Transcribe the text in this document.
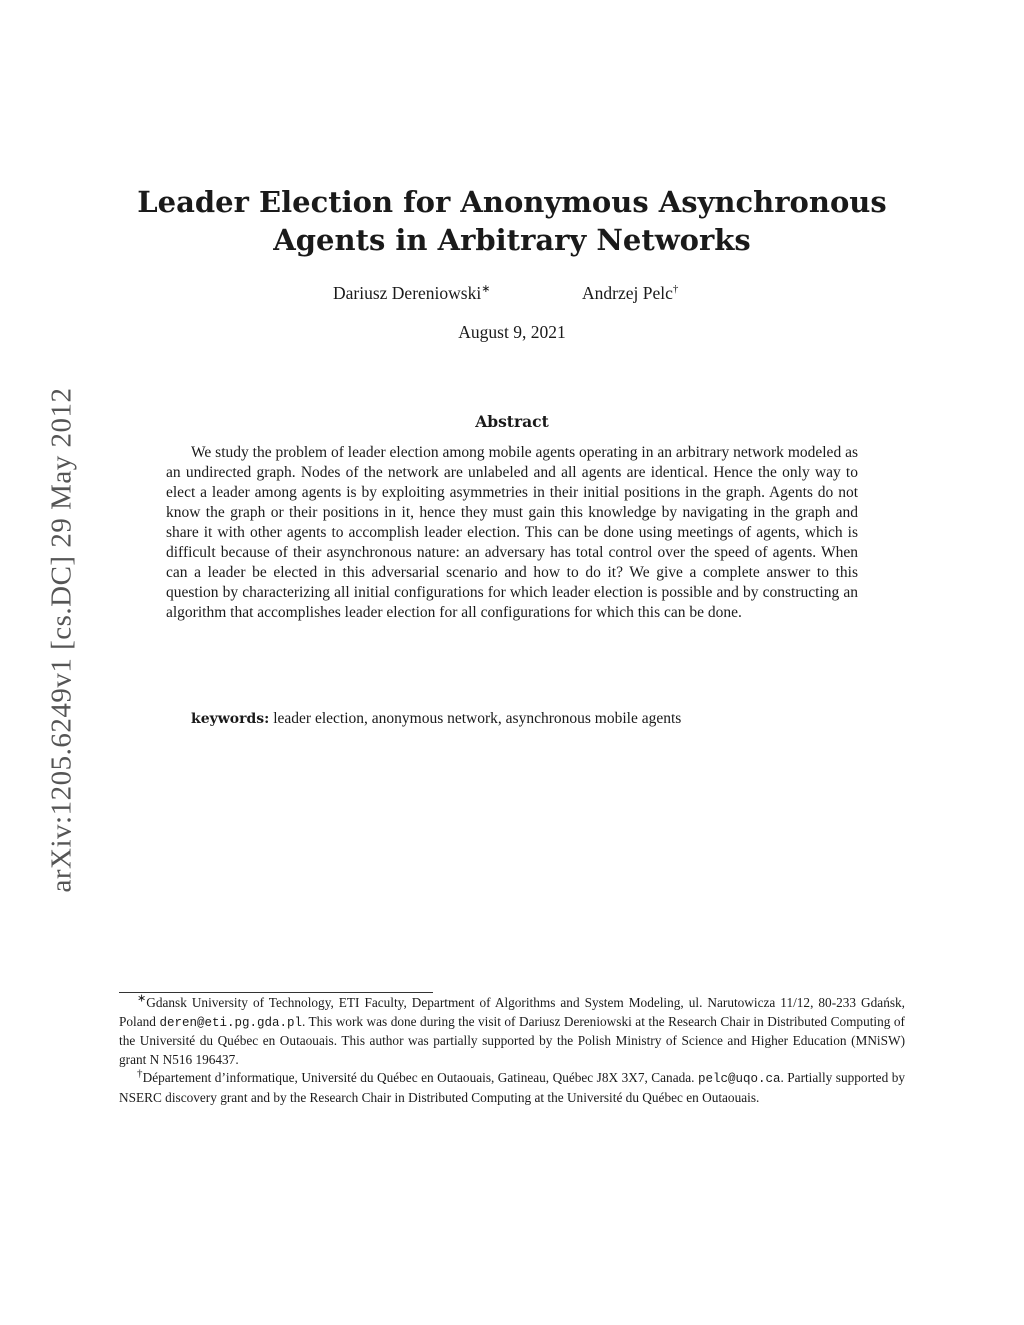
arXiv:1205.6249v1 [cs.DC] 29 May 2012
Leader Election for Anonymous Asynchronous Agents in Arbitrary Networks
Dariusz Dereniowski∗	Andrzej Pelc†
August 9, 2021
Abstract
We study the problem of leader election among mobile agents operating in an arbitrary network modeled as an undirected graph. Nodes of the network are unlabeled and all agents are identical. Hence the only way to elect a leader among agents is by exploiting asymmetries in their initial positions in the graph. Agents do not know the graph or their positions in it, hence they must gain this knowledge by navigating in the graph and share it with other agents to accomplish leader election. This can be done using meetings of agents, which is difficult because of their asynchronous nature: an adversary has total control over the speed of agents. When can a leader be elected in this adversarial scenario and how to do it? We give a complete answer to this question by characterizing all initial configurations for which leader election is possible and by constructing an algorithm that accomplishes leader election for all configurations for which this can be done.
keywords: leader election, anonymous network, asynchronous mobile agents

∗Gdansk University of Technology, ETI Faculty, Department of Algorithms and System Modeling, ul. Narutowicza 11/12, 80-233 Gdańsk, Poland deren@eti.pg.gda.pl. This work was done during the visit of Dariusz Dereniowski at the Research Chair in Distributed Computing of the Université du Québec en Outaouais. This author was partially supported by the Polish Ministry of Science and Higher Education (MNiSW) grant N N516 196437.

†Département d’informatique, Université du Québec en Outaouais, Gatineau, Québec J8X 3X7, Canada. pelc@uqo.ca. Partially supported by NSERC discovery grant and by the Research Chair in Distributed Computing at the Université du Québec en Outaouais.
